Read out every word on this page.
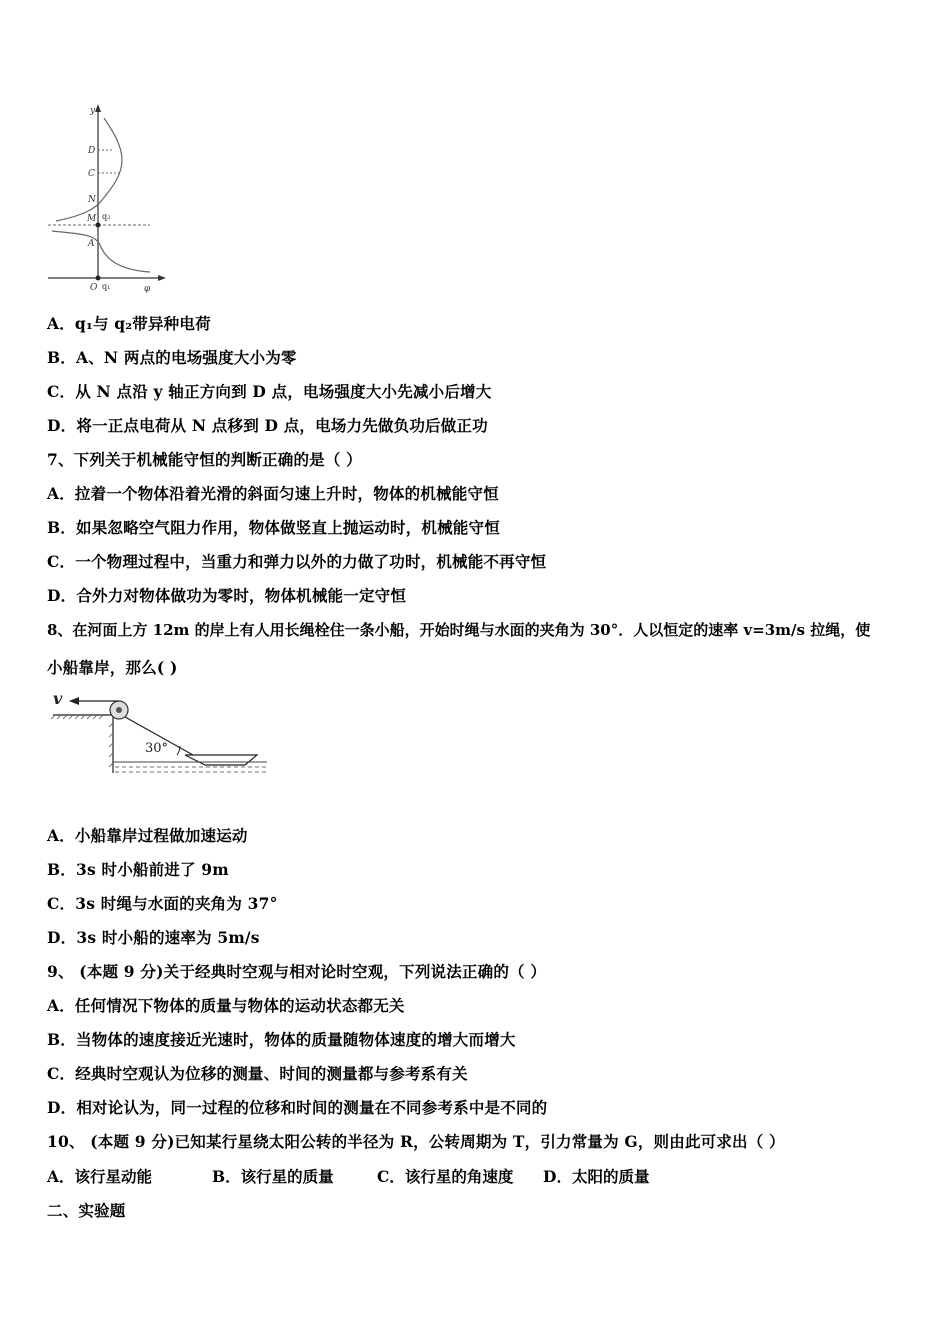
y
D
C
N
M q₂
A
O q₁	φ
A．q₁与 q₂带异种电荷
B．A、N 两点的电场强度大小为零
C．从 N 点沿 y 轴正方向到 D 点，电场强度大小先减小后增大
D．将一正点电荷从 N 点移到 D 点，电场力先做负功后做正功
7、下列关于机械能守恒的判断正确的是（ ）
A．拉着一个物体沿着光滑的斜面匀速上升时，物体的机械能守恒
B．如果忽略空气阻力作用，物体做竖直上抛运动时，机械能守恒
C．一个物理过程中，当重力和弹力以外的力做了功时，机械能不再守恒
D．合外力对物体做功为零时，物体机械能一定守恒
8、在河面上方 12m 的岸上有人用长绳栓住一条小船，开始时绳与水面的夹角为 30°．人以恒定的速率 v=3m/s 拉绳，使
小船靠岸，那么( )
v
30°
A．小船靠岸过程做加速运动
B．3s 时小船前进了 9m
C．3s 时绳与水面的夹角为 37°
D．3s 时小船的速率为 5m/s
9、 (本题 9 分)关于经典时空观与相对论时空观，下列说法正确的（ ）
A．任何情况下物体的质量与物体的运动状态都无关
B．当物体的速度接近光速时，物体的质量随物体速度的增大而增大
C．经典时空观认为位移的测量、时间的测量都与参考系有关
D．相对论认为，同一过程的位移和时间的测量在不同参考系中是不同的
10、 (本题 9 分)已知某行星绕太阳公转的半径为 R，公转周期为 T，引力常量为 G，则由此可求出（ ）
A．该行星动能	B．该行星的质量	C．该行星的角速度 D．太阳的质量
二、实验题
